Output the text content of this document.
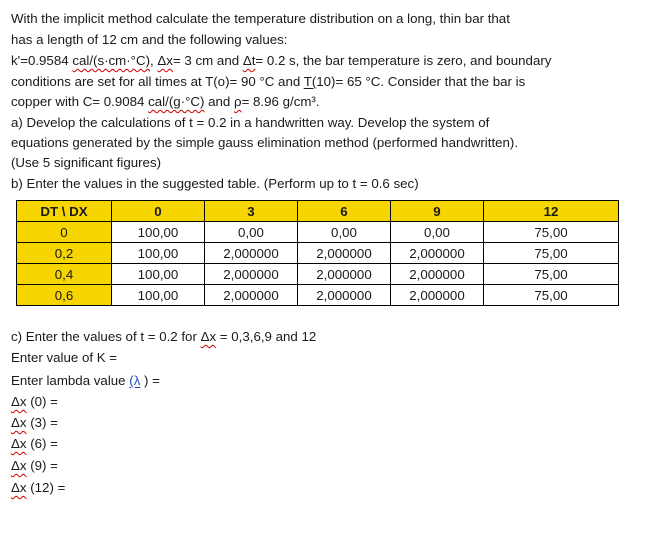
With the implicit method calculate the temperature distribution on a long, thin bar that
has a length of 12 cm and the following values:
k'=0.9584 cal/(s·cm·°C), Δx= 3 cm and Δt= 0.2 s, the bar temperature is zero, and boundary
conditions are set for all times at T(o)= 90 °C and T(10)= 65 °C. Consider that the bar is
copper with C= 0.9084 cal/(g·°C) and ρ= 8.96 g/cm³.
a) Develop the calculations of t = 0.2 in a handwritten way. Develop the system of
equations generated by the simple gauss elimination method (performed handwritten).
(Use 5 significant figures)
b) Enter the values in the suggested table. (Perform up to t = 0.6 sec)
DT \ DX	0	3	6	9	12
0	100,00	0,00	0,00	0,00	75,00
0,2	100,00	2,000000	2,000000	2,000000	75,00
0,4	100,00	2,000000	2,000000	2,000000	75,00
0,6	100,00	2,000000	2,000000	2,000000	75,00
c) Enter the values of t = 0.2 for Δx = 0,3,6,9 and 12
Enter value of K =
Enter lambda value (λ ) =
Δx (0) =
Δx (3) =
Δx (6) =
Δx (9) =
Δx (12) =
